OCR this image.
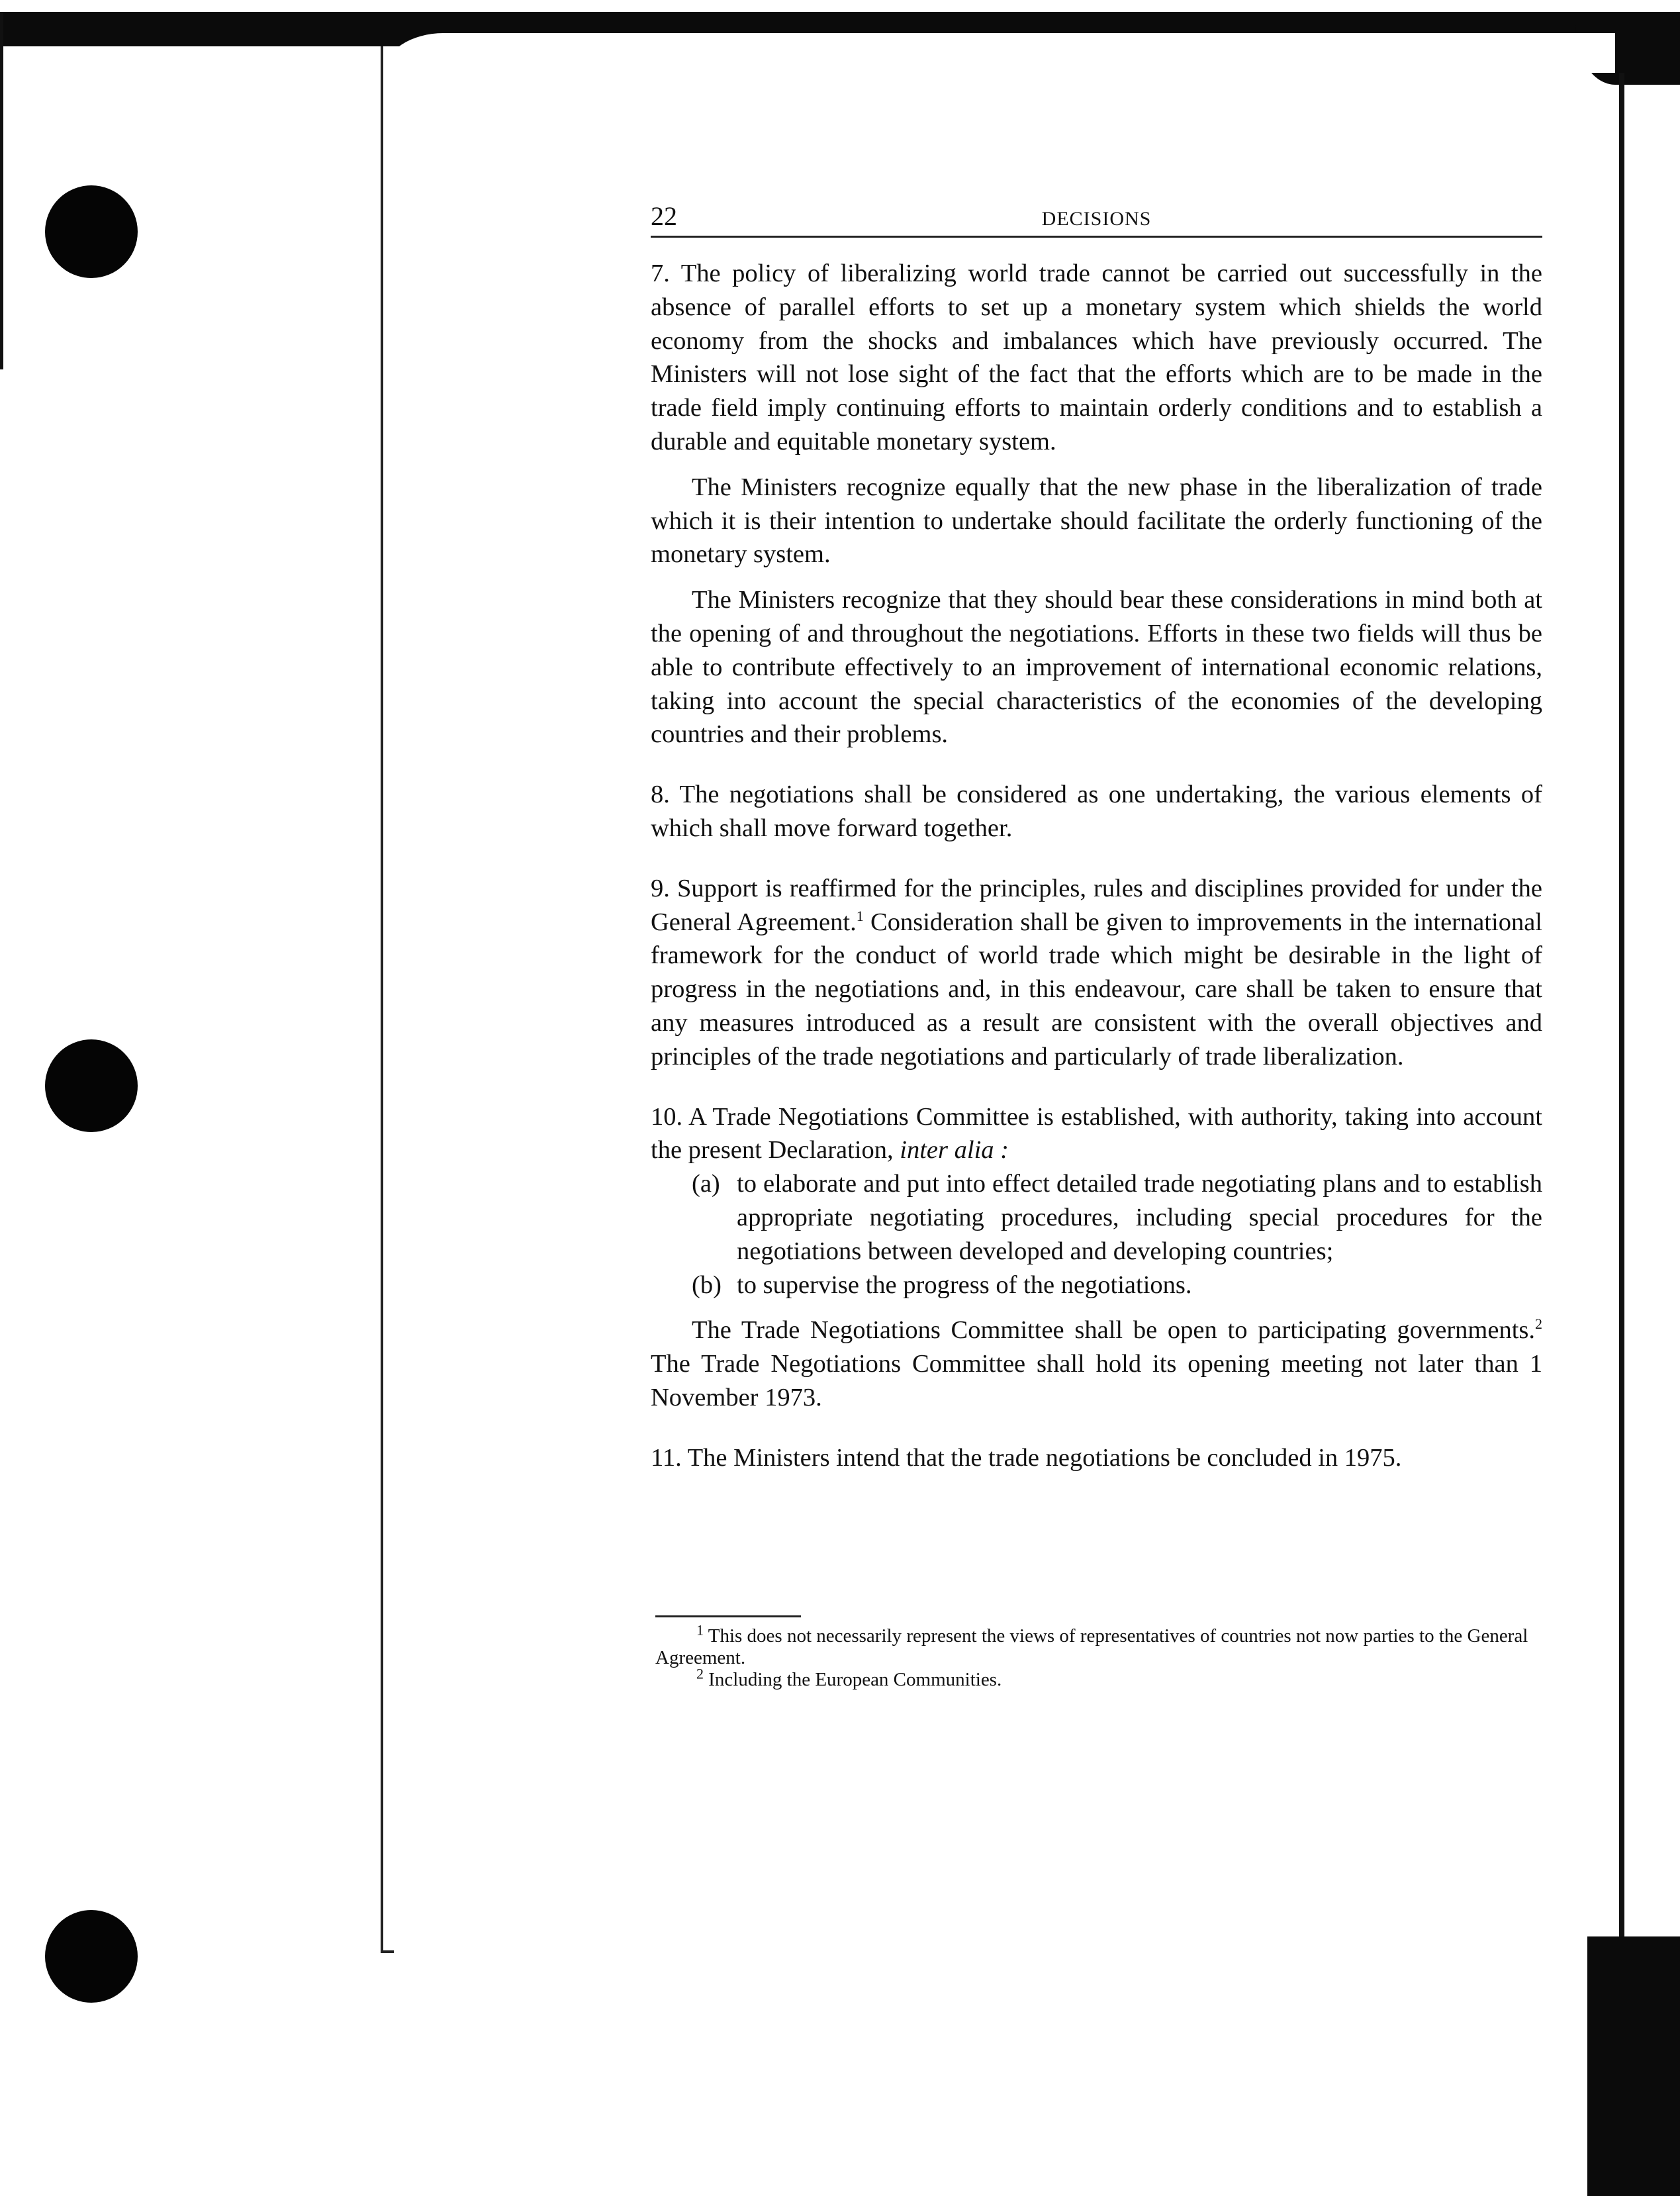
22	DECISIONS

7. The policy of liberalizing world trade cannot be carried out successfully in the absence of parallel efforts to set up a monetary system which shields the world economy from the shocks and imbalances which have previously occurred. The Ministers will not lose sight of the fact that the efforts which are to be made in the trade field imply continuing efforts to maintain orderly conditions and to establish a durable and equitable monetary system.

The Ministers recognize equally that the new phase in the liberalization of trade which it is their intention to undertake should facilitate the orderly functioning of the monetary system.

The Ministers recognize that they should bear these considerations in mind both at the opening of and throughout the negotiations. Efforts in these two fields will thus be able to contribute effectively to an improvement of international economic relations, taking into account the special characteristics of the economies of the developing countries and their problems.

8. The negotiations shall be considered as one undertaking, the various elements of which shall move forward together.

9. Support is reaffirmed for the principles, rules and disciplines provided for under the General Agreement.$^1$ Consideration shall be given to improvements in the international framework for the conduct of world trade which might be desirable in the light of progress in the negotiations and, in this endeavour, care shall be taken to ensure that any measures introduced as a result are consistent with the overall objectives and principles of the trade negotiations and particularly of trade liberalization.

10. A Trade Negotiations Committee is established, with authority, taking into account the present Declaration, inter alia :

(a) to elaborate and put into effect detailed trade negotiating plans and to establish appropriate negotiating procedures, including special procedures for the negotiations between developed and developing countries;

(b) to supervise the progress of the negotiations.

The Trade Negotiations Committee shall be open to participating governments.$^2$ The Trade Negotiations Committee shall hold its opening meeting not later than 1 November 1973.

11. The Ministers intend that the trade negotiations be concluded in 1975.

$^1$ This does not necessarily represent the views of representatives of countries not now parties to the General Agreement.

$^2$ Including the European Communities.
